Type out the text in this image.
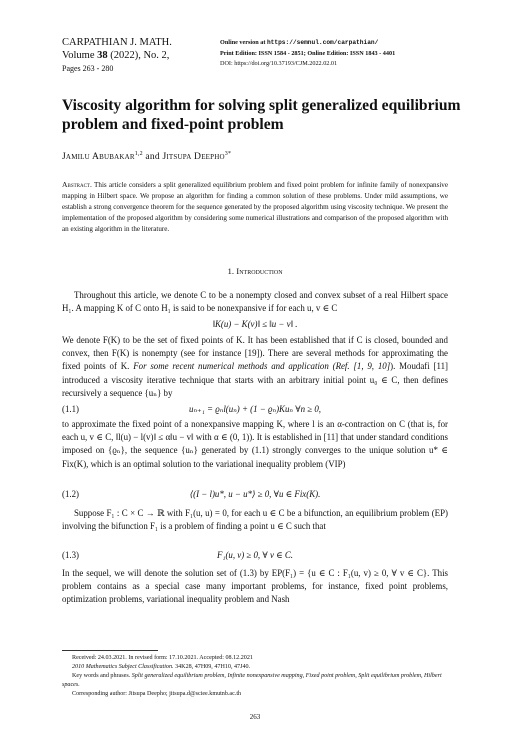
CARPATHIAN J. MATH.
Volume 38 (2022), No. 2,
Pages 263 - 280
Online version at https://semnul.com/carpathian/
Print Edition: ISSN 1584 - 2851; Online Edition: ISSN 1843 - 4401
DOI: https://doi.org/10.37193/CJM.2022.02.01
Viscosity algorithm for solving split generalized equilibrium problem and fixed-point problem
Jamilu Abubakar$^{1,2}$ and Jitsupa Deepho$^{3*}$
Abstract. This article considers a split generalized equilibrium problem and fixed point problem for infinite family of nonexpansive mapping in Hilbert space. We propose an algorithm for finding a common solution of these problems. Under mild assumptions, we establish a strong convergence theorem for the sequence generated by the proposed algorithm using viscosity technique. We present the implementation of the proposed algorithm by considering some numerical illustrations and comparison of the proposed algorithm with an existing algorithm in the literature.
1. Introduction
Throughout this article, we denote C to be a nonempty closed and convex subset of a real Hilbert space H₁. A mapping K of C onto H₁ is said to be nonexpansive if for each u, v ∈ C
‖K(u) − K(v)‖ ≤ ‖u − v‖ .
We denote F(K) to be the set of fixed points of K. It has been established that if C is closed, bounded and convex, then F(K) is nonempty (see for instance [19]). There are several methods for approximating the fixed points of K. For some recent numerical methods and application (Ref. [1, 9, 10]). Moudafi [11] introduced a viscosity iterative technique that starts with an arbitrary initial point u₀ ∈ C, then defines recursively a sequence {uₙ} by
(1.1)	uₙ₊₁ = ϱₙl(uₙ) + (1 − ϱₙ)Kuₙ ∀n ≥ 0,
to approximate the fixed point of a nonexpansive mapping K, where l is an α-contraction on C (that is, for each u, v ∈ C, ‖l(u) − l(v)‖ ≤ α‖u − v‖ with α ∈ (0, 1)). It is established in [11] that under standard conditions imposed on {ϱₙ}, the sequence {uₙ} generated by (1.1) strongly converges to the unique solution u* ∈ Fix(K), which is an optimal solution to the variational inequality problem (VIP)
(1.2)	⟨(I − l)u*, u − u*⟩ ≥ 0, ∀u ∈ Fix(K).
Suppose F₁ : C × C → ℝ with F₁(u, u) = 0, for each u ∈ C be a bifunction, an equilibrium problem (EP) involving the bifunction F₁ is a problem of finding a point u ∈ C such that
(1.3)	F₁(u, v) ≥ 0, ∀ v ∈ C.
In the sequel, we will denote the solution set of (1.3) by EP(F₁) = {u ∈ C : F₁(u, v) ≥ 0, ∀ v ∈ C}. This problem contains as a special case many important problems, for instance, fixed point problems, optimization problems, variational inequality problem and Nash

Received: 24.03.2021. In revised form: 17.10.2021. Accepted: 08.12.2021

2010 Mathematics Subject Classification. 34K28, 47H09, 47H10, 47J40.

Key words and phrases. Split generalized equilibrium problem, Infinite nonexpansive mapping, Fixed point problem, Split equilibrium problem, Hilbert spaces.

Corresponding author: Jitsupa Deepho; jitsupa.d@sciee.kmutnb.ac.th

263
